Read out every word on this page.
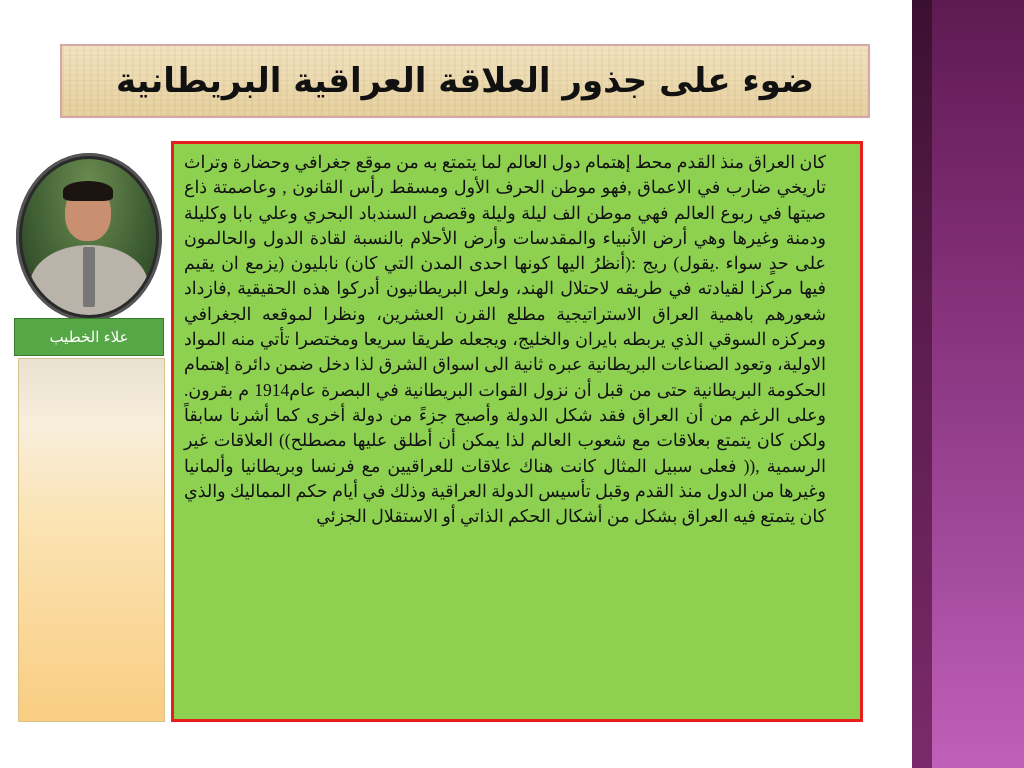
ضوء على جذور العلاقة العراقية البريطانية
علاء الخطيب

كان العراق منذ القدم محط إهتمام دول العالم لما يتمتع به من موقع جغرافي وحضارة وتراث تاريخي ضارب في الاعماق ,فهو موطن الحرف الأول ومسقط رأس القانون , وعاصمتة ذاع صيتها في ربوع العالم فهي موطن الف ليلة وليلة وقصص السندباد البحري وعلي بابا وكليلة ودمنة وغيرها وهي أرض الأنبياء والمقدسات وأرض الأحلام بالنسبة لقادة الدول والحالمون على حدٍ سواء .يقول) ريج :(أنظرُ اليها كونها احدى المدن التي كان) نابليون (يزمع ان يقيم فيها مركزا لقيادته في طريقه لاحتلال الهند، ولعل البريطانيون أدركوا هذه الحقيقية ,فازداد شعورهم باهمية العراق الاستراتيجية مطلع القرن العشرين، ونظرا لموقعه الجغرافي ومركزه السوقي الذي يربطه بايران والخليج، ويجعله طريقا سريعا ومختصرا تأتي منه المواد الاولية، وتعود الصناعات البريطانية عبره ثانية الى اسواق الشرق لذا دخل ضمن دائرة إهتمام الحكومة البريطانية حتى من قبل أن نزول القوات البريطانية في البصرة عام1914 م بقرون. وعلى الرغم من أن العراق فقد شكل الدولة وأصبح جزءً من دولة أخرى كما أشرنا سابقاً ولكن كان يتمتع بعلاقات مع شعوب العالم لذا يمكن أن أطلق عليها مصطلح)) العلاقات غير الرسمية ,(( فعلى سبيل المثال كانت هناك علاقات للعراقيين مع فرنسا وبريطانيا وألمانيا وغيرها من الدول منذ القدم وقبل تأسيس الدولة العراقية وذلك في أيام حكم المماليك والذي كان يتمتع فيه العراق بشكل من أشكال الحكم الذاتي أو الاستقلال الجزئي
